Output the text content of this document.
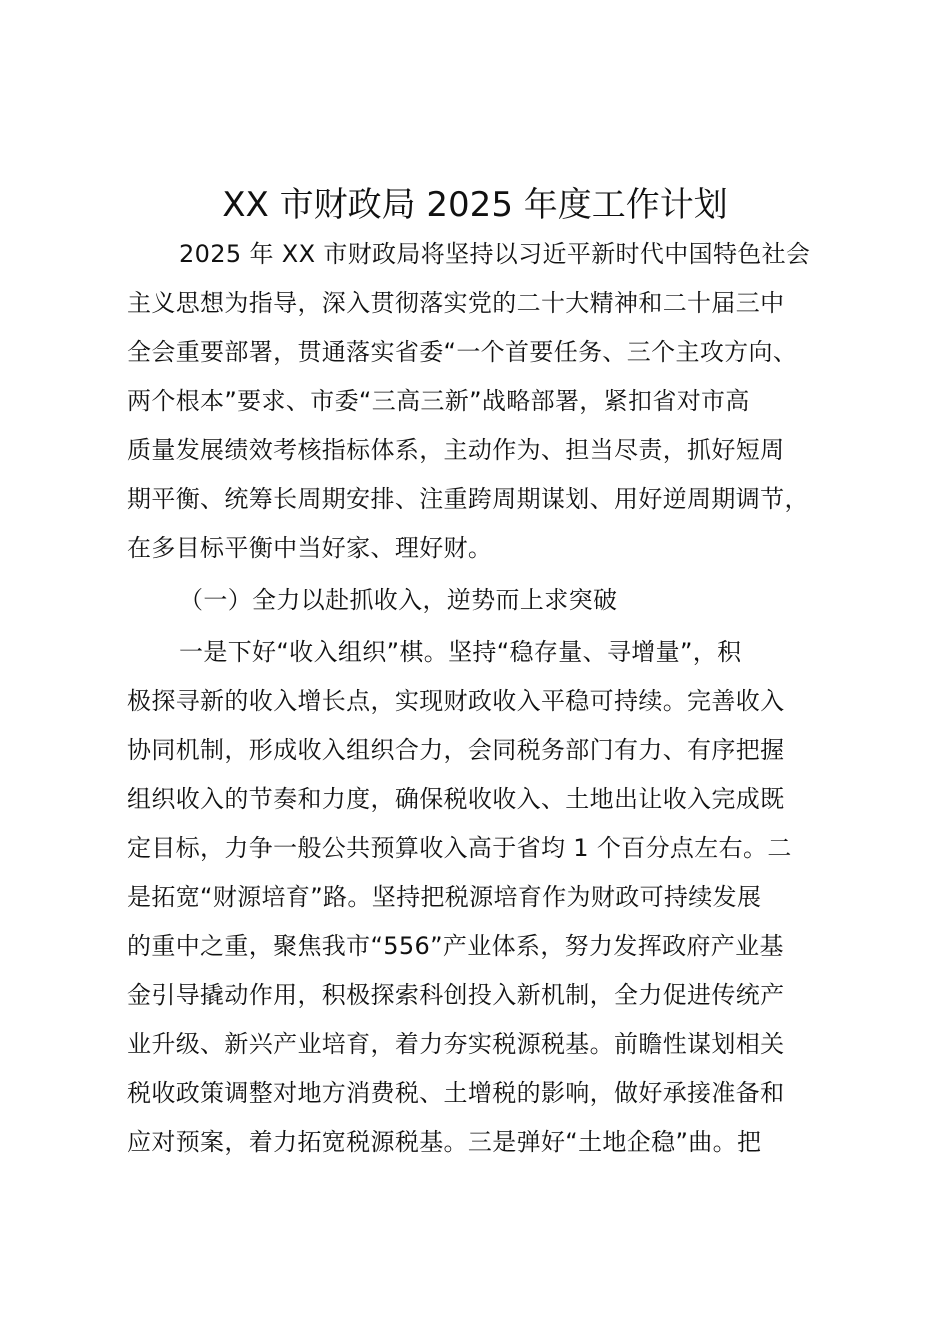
XX 市财政局 2025 年度工作计划
2025 年 XX 市财政局将坚持以习近平新时代中国特色社会
主义思想为指导，深入贯彻落实党的二十大精神和二十届三中
全会重要部署，贯通落实省委“一个首要任务、三个主攻方向、
两个根本”要求、市委“三高三新”战略部署，紧扣省对市高
质量发展绩效考核指标体系，主动作为、担当尽责，抓好短周
期平衡、统筹长周期安排、注重跨周期谋划、用好逆周期调节，
在多目标平衡中当好家、理好财。
（一）全力以赴抓收入，逆势而上求突破
一是下好“收入组织”棋。坚持“稳存量、寻增量”，积
极探寻新的收入增长点，实现财政收入平稳可持续。完善收入
协同机制，形成收入组织合力，会同税务部门有力、有序把握
组织收入的节奏和力度，确保税收收入、土地出让收入完成既
定目标，力争一般公共预算收入高于省均 1 个百分点左右。二
是拓宽“财源培育”路。坚持把税源培育作为财政可持续发展
的重中之重，聚焦我市“556”产业体系，努力发挥政府产业基
金引导撬动作用，积极探索科创投入新机制，全力促进传统产
业升级、新兴产业培育，着力夯实税源税基。前瞻性谋划相关
税收政策调整对地方消费税、土增税的影响，做好承接准备和
应对预案，着力拓宽税源税基。三是弹好“土地企稳”曲。把
